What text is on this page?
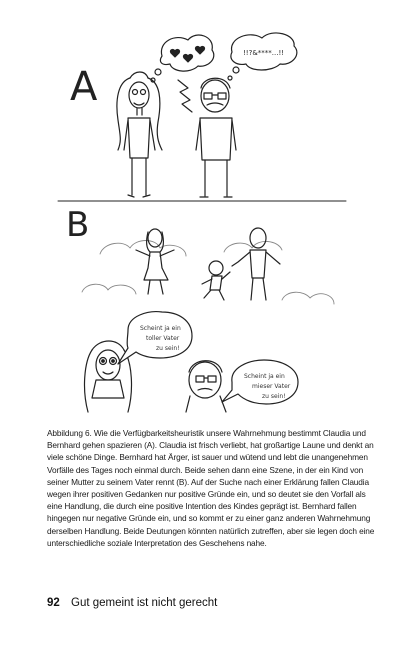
A
!!?&****...!!
B
Scheint ja ein
toller Vater
zu sein!
Scheint ja ein
mieser Vater
zu sein!

Abbildung 6. Wie die Verfügbarkeitsheuristik unsere Wahrnehmung bestimmt Claudia und Bernhard gehen spazieren (A). Claudia ist frisch verliebt, hat großartige Laune und denkt an viele schöne Dinge. Bernhard hat Ärger, ist sauer und wütend und lebt die unangenehmen Vorfälle des Tages noch einmal durch. Beide sehen dann eine Szene, in der ein Kind von seiner Mutter zu seinem Vater rennt (B). Auf der Suche nach einer Erklärung fallen Claudia wegen ihrer positiven Gedanken nur positive Gründe ein, und so deutet sie den Vorfall als eine Handlung, die durch eine positive Intention des Kindes geprägt ist. Bernhard fallen hingegen nur negative Gründe ein, und so kommt er zu einer ganz anderen Wahrnehmung derselben Handlung. Beide Deutungen könnten natürlich zutreffen, aber sie legen doch eine unterschiedliche soziale Interpretation des Geschehens nahe.

92 Gut gemeint ist nicht gerecht
